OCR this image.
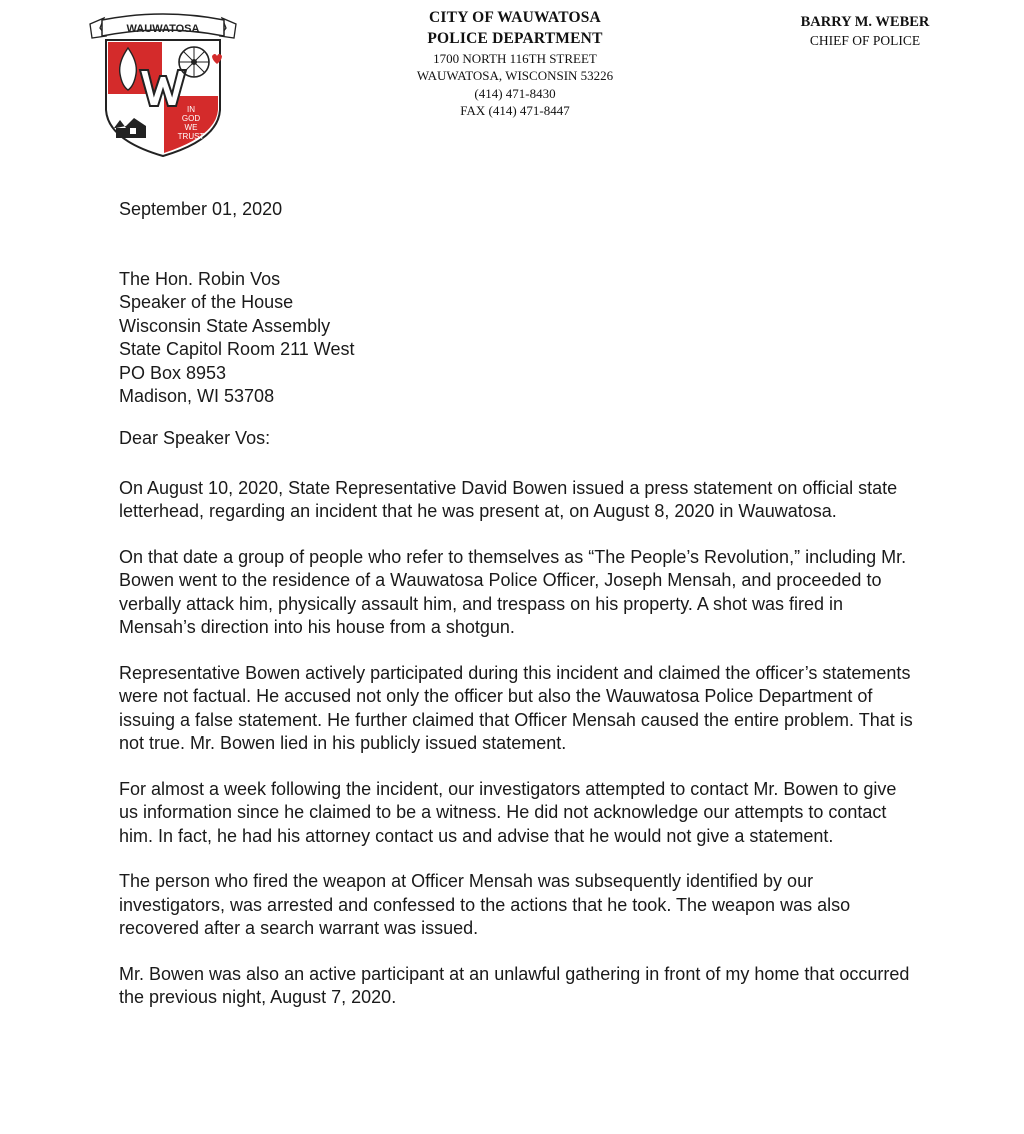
WAUWATOSA
IN
GOD
WE
TRUST
CITY OF WAUWATOSA
POLICE DEPARTMENT
1700 NORTH 116TH STREET
WAUWATOSA, WISCONSIN 53226
(414) 471-8430
FAX (414) 471-8447
BARRY M. WEBER
CHIEF OF POLICE
September 01, 2020
The Hon. Robin Vos
Speaker of the House
Wisconsin State Assembly
State Capitol Room 211 West
PO Box 8953
Madison, WI 53708
Dear Speaker Vos:

On August 10, 2020, State Representative David Bowen issued a press statement on official state letterhead, regarding an incident that he was present at, on August 8, 2020 in Wauwatosa.

On that date a group of people who refer to themselves as “The People’s Revolution,” including Mr. Bowen went to the residence of a Wauwatosa Police Officer, Joseph Mensah, and proceeded to verbally attack him, physically assault him, and trespass on his property. A shot was fired in Mensah’s direction into his house from a shotgun.

Representative Bowen actively participated during this incident and claimed the officer’s statements were not factual. He accused not only the officer but also the Wauwatosa Police Department of issuing a false statement. He further claimed that Officer Mensah caused the entire problem. That is not true. Mr. Bowen lied in his publicly issued statement.

For almost a week following the incident, our investigators attempted to contact Mr. Bowen to give us information since he claimed to be a witness. He did not acknowledge our attempts to contact him. In fact, he had his attorney contact us and advise that he would not give a statement.

The person who fired the weapon at Officer Mensah was subsequently identified by our investigators, was arrested and confessed to the actions that he took. The weapon was also recovered after a search warrant was issued.

Mr. Bowen was also an active participant at an unlawful gathering in front of my home that occurred the previous night, August 7, 2020.
